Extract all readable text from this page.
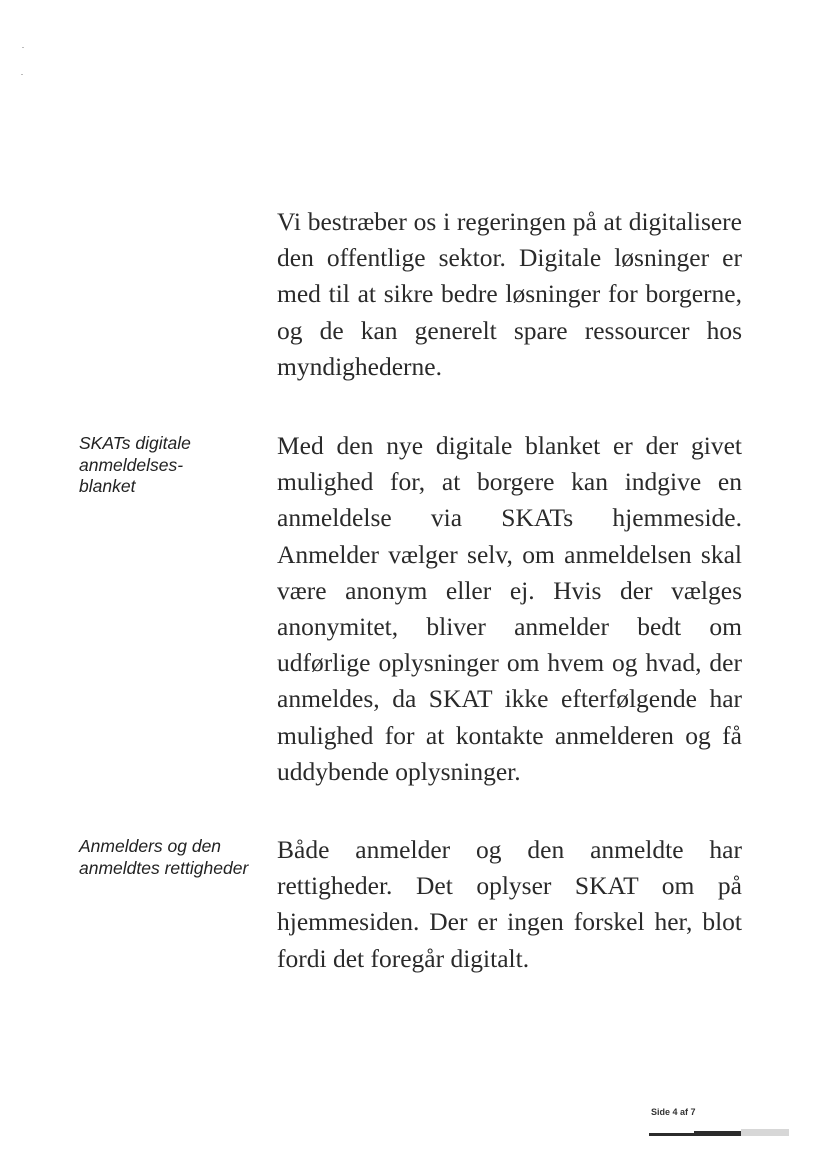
Vi bestræber os i regeringen på at digitalisere den offentlige sektor. Digitale løsninger er med til at sikre bedre løsninger for borgerne, og de kan generelt spare ressourcer hos myndighederne.

SKATs digitale anmeldelses-blanket

Med den nye digitale blanket er der givet mulighed for, at borgere kan indgive en anmeldelse via SKATs hjemmeside. Anmelder vælger selv, om anmeldelsen skal være anonym eller ej. Hvis der vælges anonymitet, bliver anmelder bedt om udførlige oplysninger om hvem og hvad, der anmeldes, da SKAT ikke efterfølgende har mulighed for at kontakte anmelderen og få uddybende oplysninger.

Anmelders og den anmeldtes rettigheder

Både anmelder og den anmeldte har rettigheder. Det oplyser SKAT om på hjemmesiden. Der er ingen forskel her, blot fordi det foregår digitalt.

Side 4 af 7
